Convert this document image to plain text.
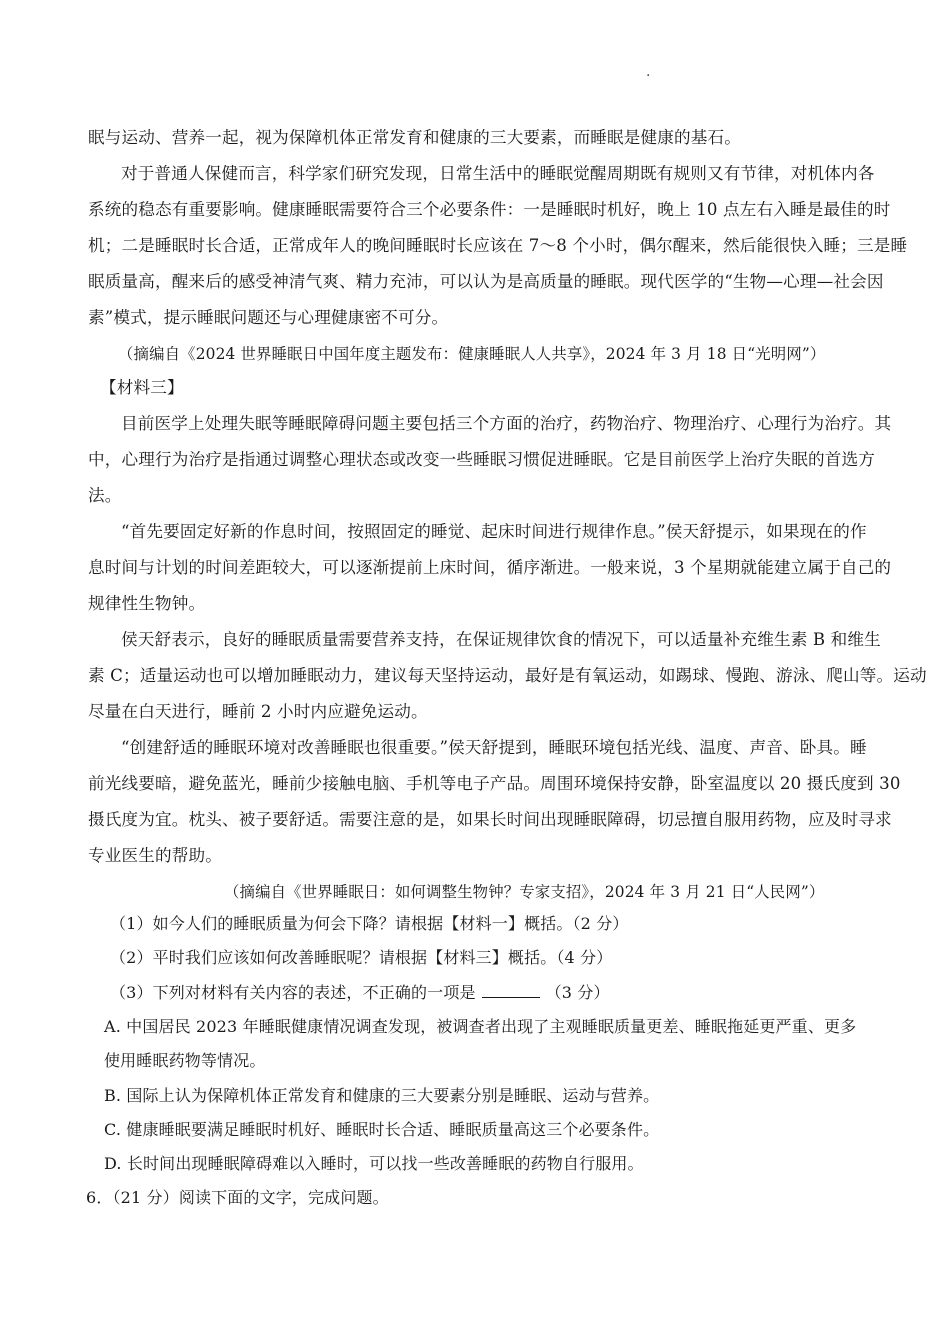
·
眠与运动、营养一起，视为保障机体正常发育和健康的三大要素，而睡眠是健康的基石。
对于普通人保健而言，科学家们研究发现，日常生活中的睡眠觉醒周期既有规则又有节律，对机体内各
系统的稳态有重要影响。健康睡眠需要符合三个必要条件：一是睡眠时机好，晚上 10 点左右入睡是最佳的时
机；二是睡眠时长合适，正常成年人的晚间睡眠时长应该在 7～8 个小时，偶尔醒来，然后能很快入睡；三是睡
眠质量高，醒来后的感受神清气爽、精力充沛，可以认为是高质量的睡眠。现代医学的“生物—心理—社会因
素”模式，提示睡眠问题还与心理健康密不可分。
（摘编自《2024 世界睡眠日中国年度主题发布：健康睡眠人人共享》，2024 年 3 月 18 日“光明网”）
【材料三】
目前医学上处理失眠等睡眠障碍问题主要包括三个方面的治疗，药物治疗、物理治疗、心理行为治疗。其
中，心理行为治疗是指通过调整心理状态或改变一些睡眠习惯促进睡眠。它是目前医学上治疗失眠的首选方
法。
“首先要固定好新的作息时间，按照固定的睡觉、起床时间进行规律作息。”侯天舒提示，如果现在的作
息时间与计划的时间差距较大，可以逐渐提前上床时间，循序渐进。一般来说，3 个星期就能建立属于自己的
规律性生物钟。
侯天舒表示，良好的睡眠质量需要营养支持，在保证规律饮食的情况下，可以适量补充维生素 B 和维生
素 C；适量运动也可以增加睡眠动力，建议每天坚持运动，最好是有氧运动，如踢球、慢跑、游泳、爬山等。运动
尽量在白天进行，睡前 2 小时内应避免运动。
“创建舒适的睡眠环境对改善睡眠也很重要。”侯天舒提到，睡眠环境包括光线、温度、声音、卧具。睡
前光线要暗，避免蓝光，睡前少接触电脑、手机等电子产品。周围环境保持安静，卧室温度以 20 摄氏度到 30
摄氏度为宜。枕头、被子要舒适。需要注意的是，如果长时间出现睡眠障碍，切忌擅自服用药物，应及时寻求
专业医生的帮助。
（摘编自《世界睡眠日：如何调整生物钟？专家支招》，2024 年 3 月 21 日“人民网”）
（1）如今人们的睡眠质量为何会下降？请根据【材料一】概括。（2 分）
（2）平时我们应该如何改善睡眠呢？请根据【材料三】概括。（4 分）
（3）下列对材料有关内容的表述，不正确的一项是	（3 分）
A. 中国居民 2023 年睡眠健康情况调查发现，被调查者出现了主观睡眠质量更差、睡眠拖延更严重、更多
使用睡眠药物等情况。
B. 国际上认为保障机体正常发育和健康的三大要素分别是睡眠、运动与营养。
C. 健康睡眠要满足睡眠时机好、睡眠时长合适、睡眠质量高这三个必要条件。
D. 长时间出现睡眠障碍难以入睡时，可以找一些改善睡眠的药物自行服用。
6．（21 分）阅读下面的文字，完成问题。
